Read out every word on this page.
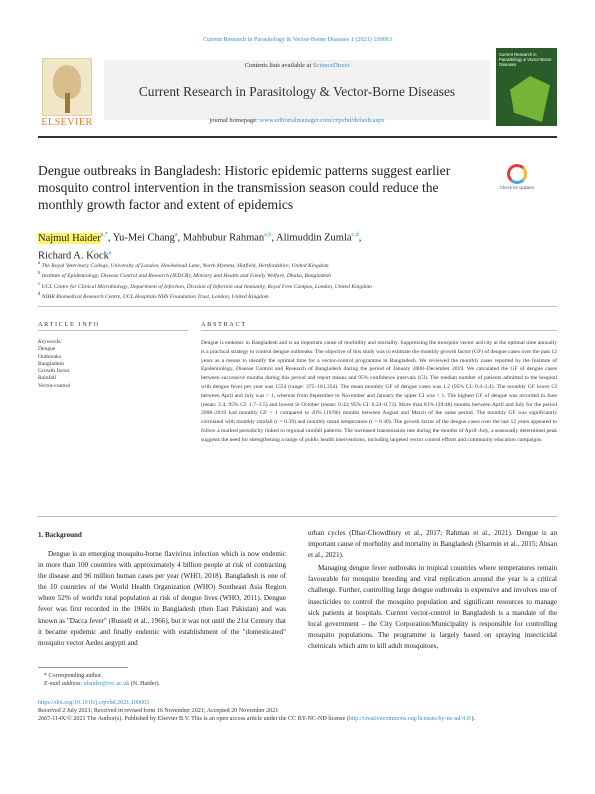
Current Research in Parasitology & Vector-Borne Diseases 1 (2021) 100063
ELSEVIER
Contents lists available at ScienceDirect
Current Research in Parasitology & Vector-Borne Diseases
journal homepage: www.editorialmanager.com/crpvbd/default.aspx
Current Research in Parasitology & Vector-Borne Diseases
Dengue outbreaks in Bangladesh: Historic epidemic patterns suggest earlier mosquito control intervention in the transmission season could reduce the monthly growth factor and extent of epidemics
Check for updates
Najmul Haider$^{a,*}$, Yu-Mei Chang$^a$, Mahbubur Rahman$^{a,b}$, Alimuddin Zumla$^{c,d}$,
Richard A. Kock$^a$
$^a$ The Royal Veterinary College, University of London, Hawkshead Lane, North Mymms, Hatfield, Hertfordshire, United Kingdom
$^b$ Institute of Epidemiology, Disease Control and Research (IEDCR), Ministry and Health and Family Welfare, Dhaka, Bangladesh
$^c$ UCL Centre for Clinical Microbiology, Department of Infection, Division of Infection and Immunity, Royal Free Campus, London, United Kingdom
$^d$ NIHR Biomedical Research Centre, UCL Hospitals NHS Foundation Trust, London, United Kingdom
ARTICLE INFO	ABSTRACT
Keywords:
Dengue
Outbreaks
Bangladesh
Growth factor
Rainfall
Vector-control
Dengue is endemic in Bangladesh and is an important cause of morbidity and mortality. Suppressing the mosquito vector activity at the optimal time annually is a practical strategy to control dengue outbreaks. The objective of this study was to estimate the monthly growth factor (GF) of dengue cases over the past 12 years as a means to identify the optimal time for a vector-control programme in Bangladesh. We reviewed the monthly cases reported by the Institute of Epidemiology, Disease Control and Research of Bangladesh during the period of January 2008–December 2019. We calculated the GF of dengue cases between successive months during this period and report means and 95% confidence intervals (CI). The median number of patients admitted to the hospital with dengue fever per year was 1554 (range: 375–101,354). The mean monthly GF of dengue cases was 1.2 (95% CI: 0.4–2.4). The monthly GF lower CI between April and July was > 1, whereas from September to November and January the upper CI was < 1. The highest GF of dengue was recorded in June (mean: 2.4; 95% CI: 1.7–3.5) and lowest in October (mean: 0.43; 95% CI: 0.24–0.73). More than 81% (39/48) months between April and July for the period 2008–2019 had monthly GF > 1 compared to 20% (19/96) months between August and March of the same period. The monthly GF was significantly correlated with monthly rainfall (r = 0.39) and monthly mean temperature (r = 0.30). The growth factor of the dengue cases over the last 12 years appeared to follow a marked periodicity linked to regional rainfall patterns. The increased transmission rate during the months of April–July, a seasonally determined peak suggests the need for strengthening a range of public health interventions, including targeted vector control efforts and community education campaigns.
1. Background

Dengue is an emerging mosquito-borne flavivirus infection which is now endemic in more than 100 countries with approximately 4 billion people at risk of contracting the disease and 96 million human cases per year (WHO, 2018). Bangladesh is one of the 10 countries of the World Health Organization (WHO) Southeast Asia Region where 52% of world's total population at risk of dengue lives (WHO, 2011). Dengue fever was first recorded in the 1960s in Bangladesh (then East Pakistan) and was known as "Dacca fever" (Russell et al., 1966), but it was not until the 21st Century that it became epidemic and finally endemic with establishment of the "domesticated" mosquito vector Aedes aegypti and

urban cycles (Dhar-Chowdhury et al., 2017; Rahman et al., 2021). Dengue is an important cause of morbidity and mortality in Bangladesh (Sharmin et al., 2015; Ahsan et al., 2021).

Managing dengue fever outbreaks in tropical countries where temperatures remain favourable for mosquito breeding and viral replication around the year is a critical challenge. Further, controlling large dengue outbreaks is expensive and involves use of insecticides to control the mosquito population and significant resources to manage sick patients at hospitals. Current vector-control in Bangladesh is a mandate of the local government – the City Corporation/Municipality is responsible for controlling mosquito populations. The programme is largely based on spraying insecticidal chemicals which aim to kill adult mosquitoes,

* Corresponding author.
E-mail address: nhaider@rvc.ac.uk (N. Haider).
https://doi.org/10.1016/j.crpvbd.2021.100063
Received 2 July 2021; Received in revised form 16 November 2021; Accepted 20 November 2021
2667-114X/© 2021 The Author(s). Published by Elsevier B.V. This is an open access article under the CC BY-NC-ND license (http://creativecommons.org/licenses/by-nc-nd/4.0/).
